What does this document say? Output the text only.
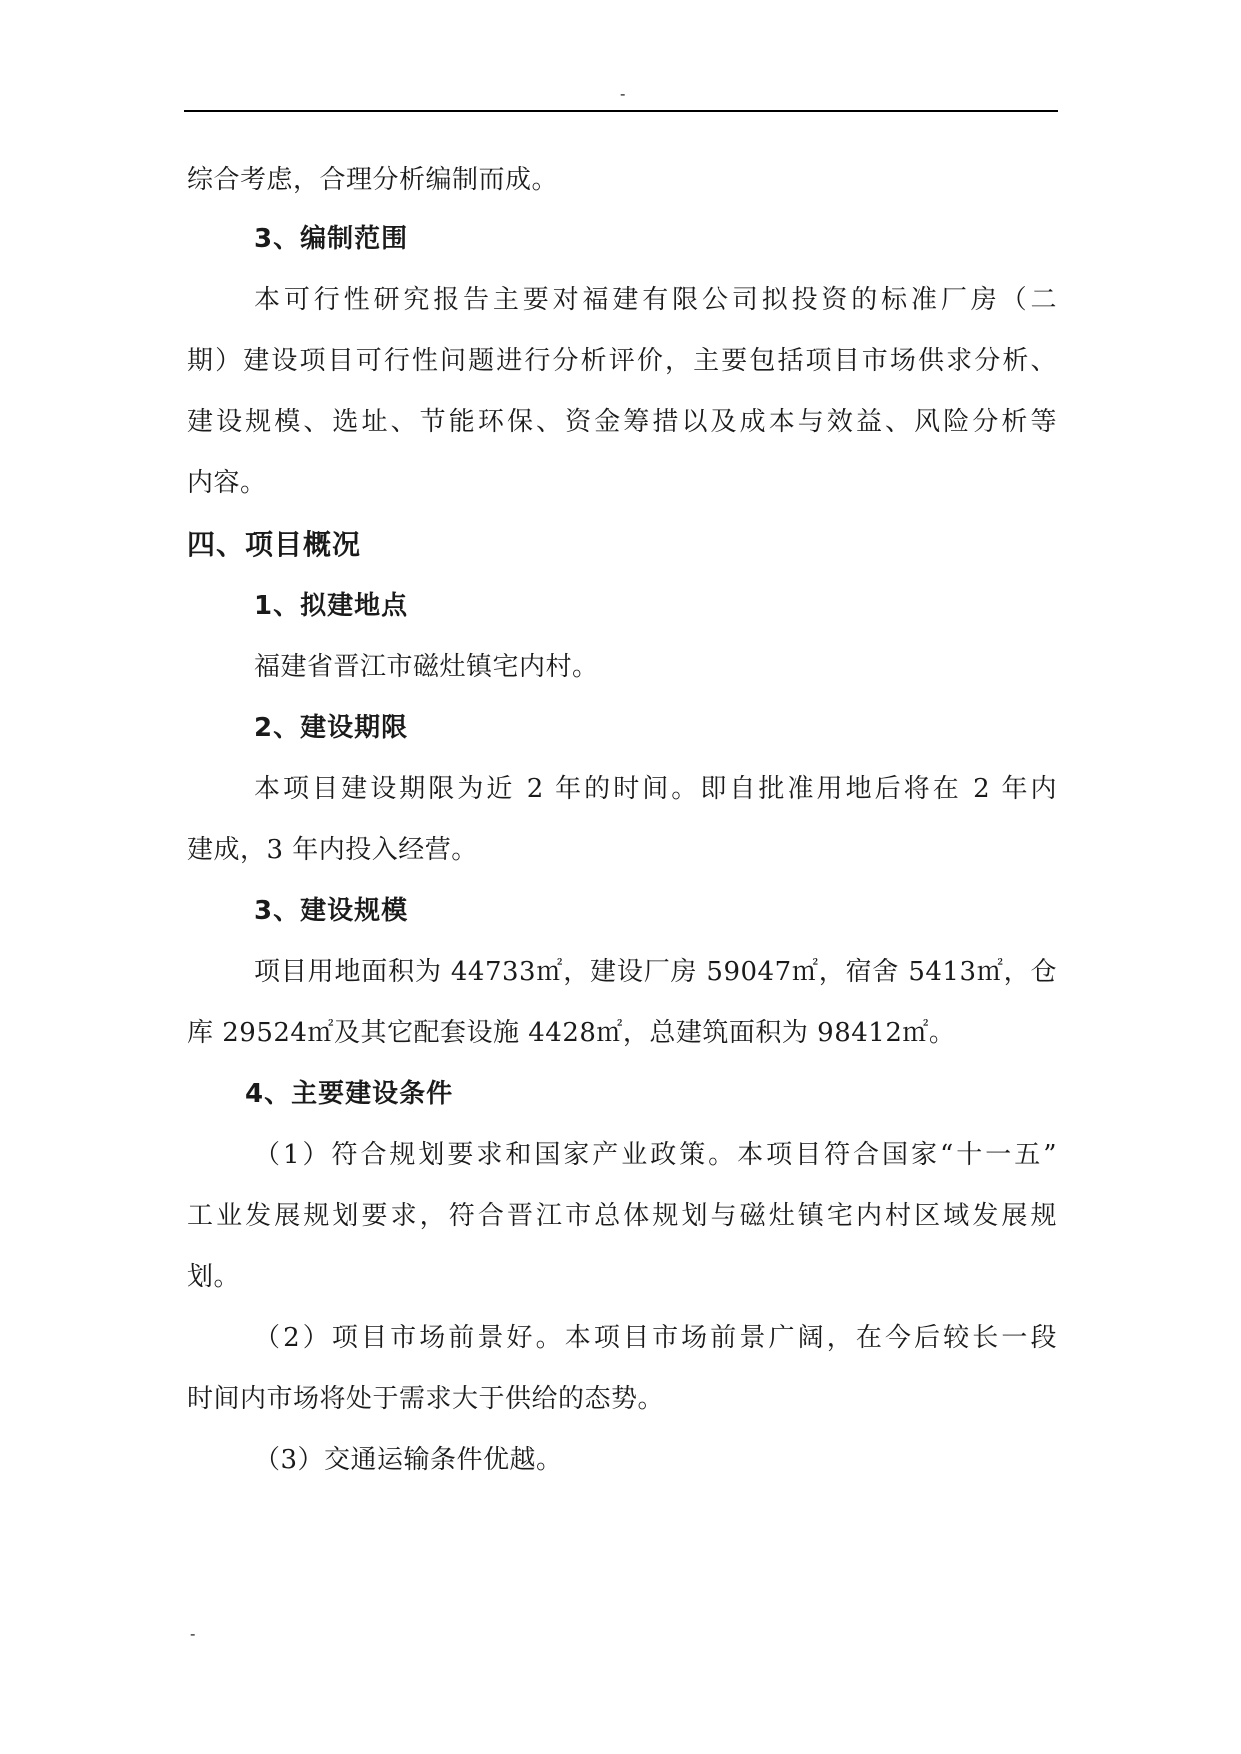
-
综合考虑，合理分析编制而成。
3、编制范围
本可行性研究报告主要对福建有限公司拟投资的标准厂房（二
期）建设项目可行性问题进行分析评价，主要包括项目市场供求分析、
建设规模、选址、节能环保、资金筹措以及成本与效益、风险分析等
内容。
四、项目概况
1、拟建地点
福建省晋江市磁灶镇宅内村。
2、建设期限
本项目建设期限为近 2 年的时间。即自批准用地后将在 2 年内
建成，3 年内投入经营。
3、建设规模
项目用地面积为 44733㎡，建设厂房 59047㎡，宿舍 5413㎡，仓
库 29524㎡及其它配套设施 4428㎡，总建筑面积为 98412㎡。
4、主要建设条件
（1）符合规划要求和国家产业政策。本项目符合国家“十一五”
工业发展规划要求，符合晋江市总体规划与磁灶镇宅内村区域发展规
划。
（2）项目市场前景好。本项目市场前景广阔，在今后较长一段
时间内市场将处于需求大于供给的态势。
（3）交通运输条件优越。
-
